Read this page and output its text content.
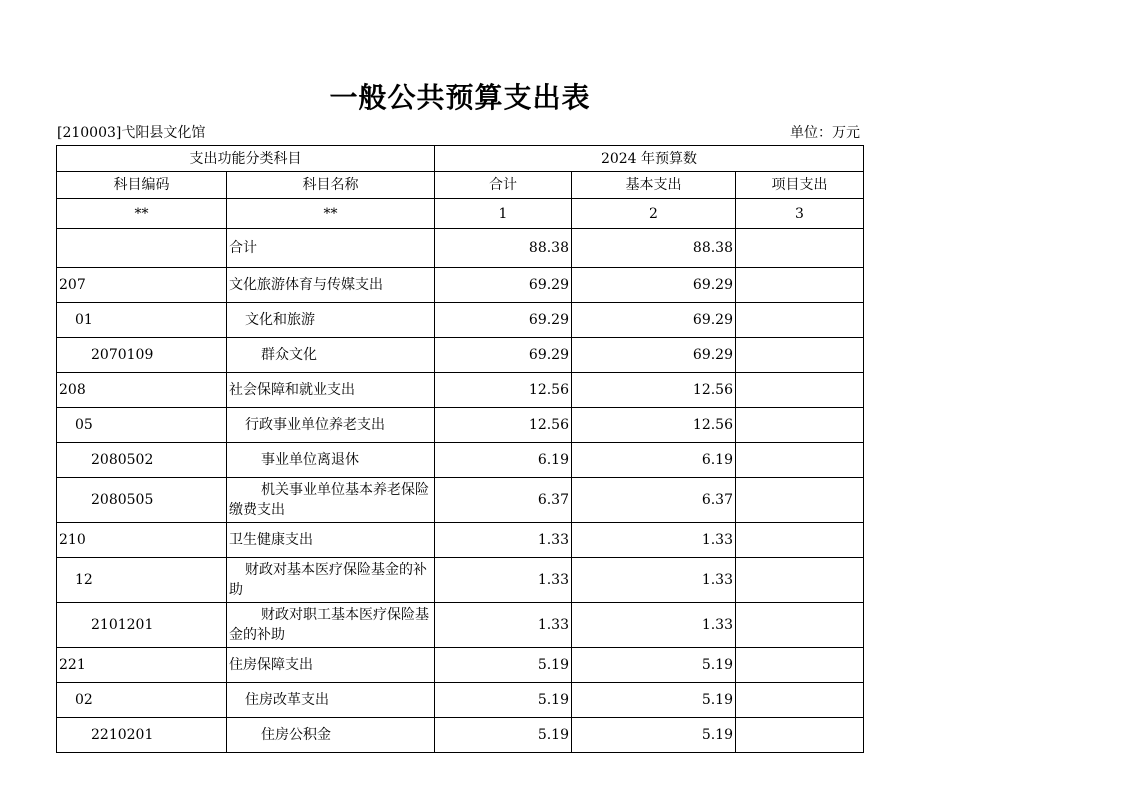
一般公共预算支出表
[210003]弋阳县文化馆	单位：万元
支出功能分类科目		2024 年预算数		
科目编码	科目名称	合计	基本支出	项目支出
**	**	1	2	3
	合计	88.38	88.38	
207	文化旅游体育与传媒支出	69.29	69.29	
01	文化和旅游	69.29	69.29	
2070109	群众文化	69.29	69.29	
208	社会保障和就业支出	12.56	12.56	
05	行政事业单位养老支出	12.56	12.56	
2080502	事业单位离退休	6.19	6.19	
2080505	机关事业单位基本养老保险缴费支出	6.37	6.37	
210	卫生健康支出	1.33	1.33	
12	财政对基本医疗保险基金的补助	1.33	1.33	
2101201	财政对职工基本医疗保险基金的补助	1.33	1.33	
221	住房保障支出	5.19	5.19	
02	住房改革支出	5.19	5.19	
2210201	住房公积金	5.19	5.19	
